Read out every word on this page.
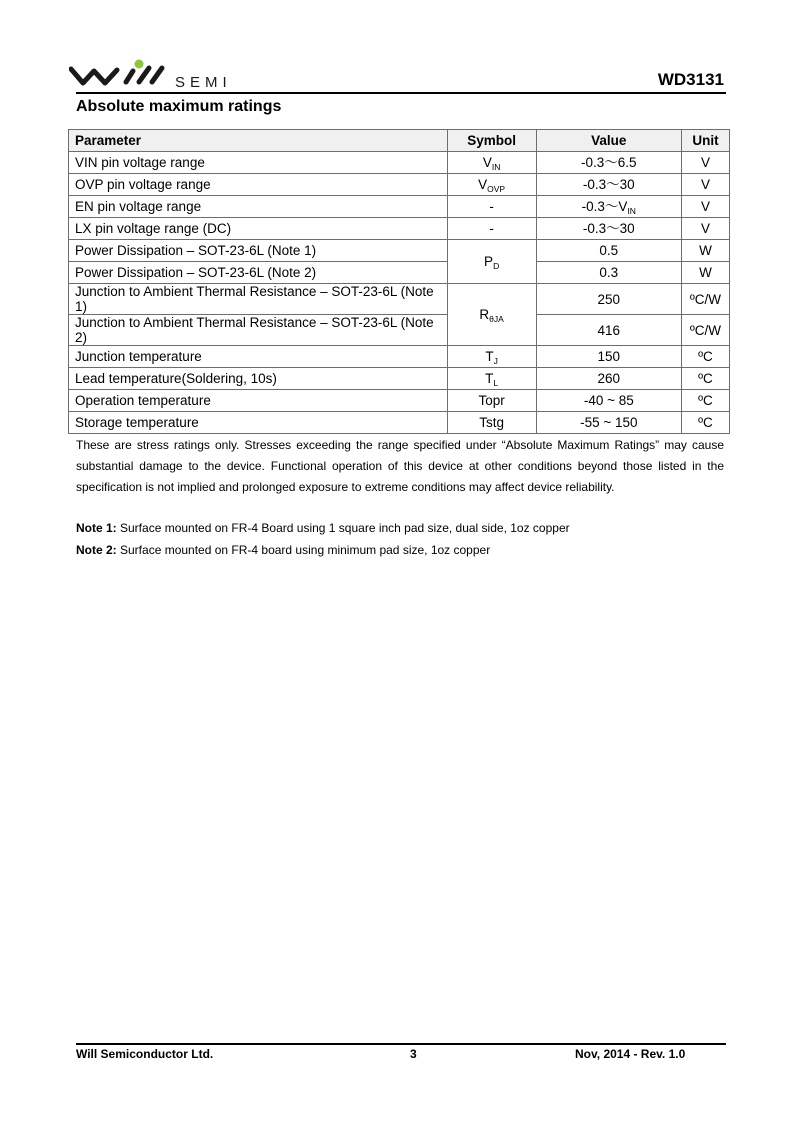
SEMI	WD3131
Absolute maximum ratings
Parameter	Symbol	Value	Unit
VIN pin voltage range	$V_{IN}$	-0.3～6.5	V
OVP pin voltage range	$V_{OVP}$	-0.3～30	V
EN pin voltage range	-	$-0.3\sim V_{IN}$	V
LX pin voltage range (DC)	-	-0.3～30	V
Power Dissipation – SOT-23-6L (Note 1)	$P_D$	0.5	W
Power Dissipation – SOT-23-6L (Note 2)		0.3	W
Junction to Ambient Thermal Resistance – SOT-23-6L (Note 1)	$R_{\theta JA}$	250	ºC/W
Junction to Ambient Thermal Resistance – SOT-23-6L (Note 2)		416	ºC/W
Junction temperature	$T_J$	150	ºC
Lead temperature(Soldering, 10s)	$T_L$	260	ºC
Operation temperature	Topr	-40 ~ 85	ºC
Storage temperature	Tstg	-55 ~ 150	ºC
These are stress ratings only. Stresses exceeding the range specified under “Absolute Maximum Ratings” may cause substantial damage to the device. Functional operation of this device at other conditions beyond those listed in the specification is not implied and prolonged exposure to extreme conditions may affect device reliability.
Note 1: Surface mounted on FR-4 Board using 1 square inch pad size, dual side, 1oz copper
Note 2: Surface mounted on FR-4 board using minimum pad size, 1oz copper
Will Semiconductor Ltd.	3	Nov, 2014 - Rev. 1.0
